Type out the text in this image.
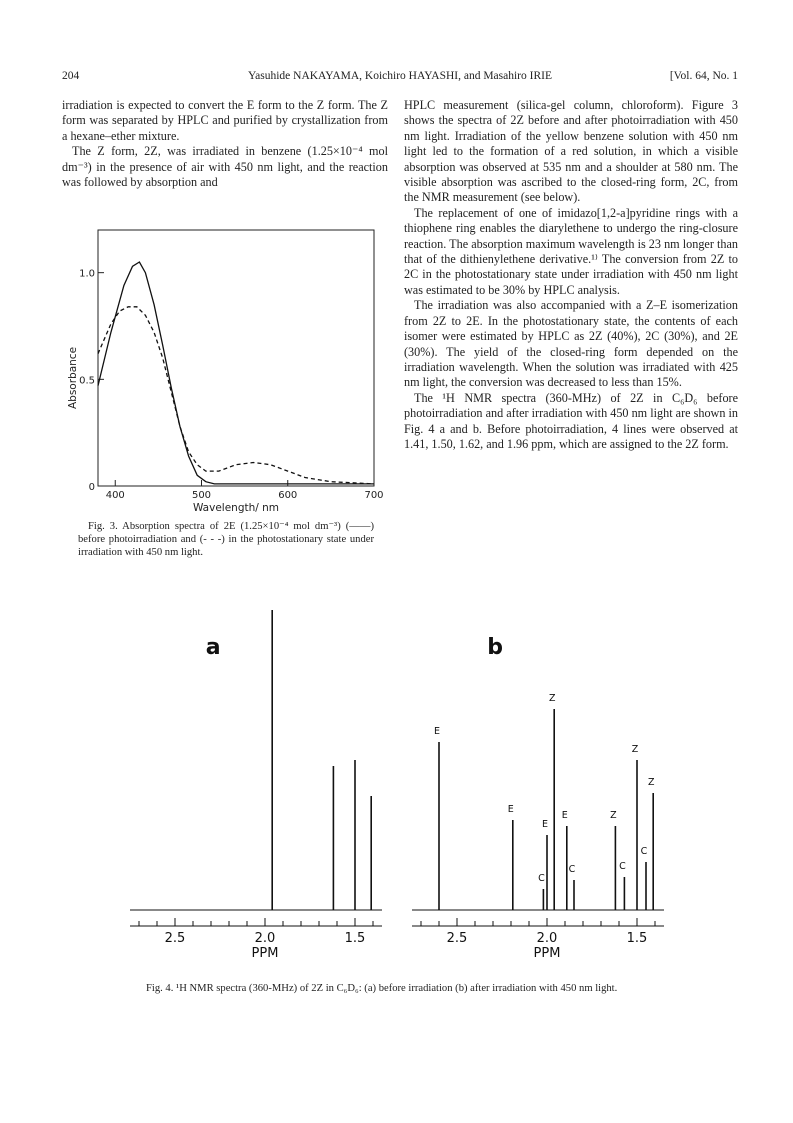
204	Yasuhide NAKAYAMA, Koichiro HAYASHI, and Masahiro IRIE	[Vol. 64, No. 1

irradiation is expected to convert the E form to the Z form. The Z form was separated by HPLC and purified by crystallization from a hexane–ether mixture.

The Z form, 2Z, was irradiated in benzene (1.25×10⁻⁴ mol dm⁻³) in the presence of air with 450 nm light, and the reaction was followed by absorption and

HPLC measurement (silica-gel column, chloroform). Figure 3 shows the spectra of 2Z before and after photoirradiation with 450 nm light. Irradiation of the yellow benzene solution with 450 nm light led to the formation of a red solution, in which a visible absorption was observed at 535 nm and a shoulder at 580 nm. The visible absorption was ascribed to the closed-ring form, 2C, from the NMR measurement (see below).

The replacement of one of imidazo[1,2-a]pyridine rings with a thiophene ring enables the diarylethene to undergo the ring-closure reaction. The absorption maximum wavelength is 23 nm longer than that of the dithienylethene derivative.¹⁾ The conversion from 2Z to 2C in the photostationary state under irradiation with 450 nm light was estimated to be 30% by HPLC analysis.

The irradiation was also accompanied with a Z–E isomerization from 2Z to 2E. In the photostationary state, the contents of each isomer were estimated by HPLC as 2Z (40%), 2C (30%), and 2E (30%). The yield of the closed-ring form depended on the irradiation wavelength. When the solution was irradiated with 425 nm light, the conversion was decreased to less than 15%.

The ¹H NMR spectra (360-MHz) of 2Z in C₆D₆ before photoirradiation and after irradiation with 450 nm light are shown in Fig. 4 a and b. Before photoirradiation, 4 lines were observed at 1.41, 1.50, 1.62, and 1.96 ppm, which are assigned to the 2Z form.

400	500	600	700
0
0.5
1.0
Wavelength/ nm
Absorbance
Fig. 3. Absorption spectra of 2E (1.25×10⁻⁴ mol dm⁻³) (——) before photoirradiation and (- - -) in the photostationary state under irradiation with 450 nm light.
a
2.5	2.0	1.5
PPM
b
2.5	2.0	1.5
PPM
E
E
C
E
Z
E
C
Z
C
Z
C
Z
Fig. 4. ¹H NMR spectra (360-MHz) of 2Z in C₆D₆: (a) before irradiation (b) after irradiation with 450 nm light.
